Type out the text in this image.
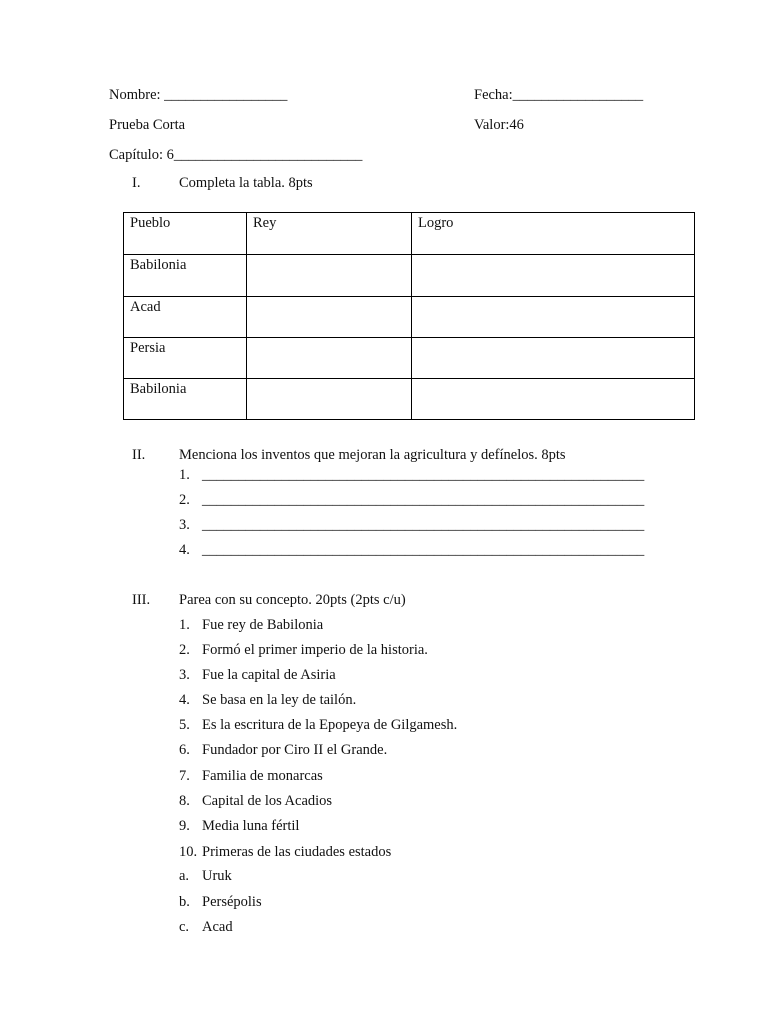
Nombre: _________________	Fecha:__________________
Prueba Corta	Valor:46
Capítulo: 6__________________________
I.	Completa la tabla. 8pts
Pueblo	Rey	Logro
Babilonia		
Acad		
Persia		
Babilonia		
II. Menciona los inventos que mejoran la agricultura y defínelos. 8pts
1. _____________________________________________________________
2. _____________________________________________________________
3. _____________________________________________________________
4. _____________________________________________________________
III. Parea con su concepto. 20pts (2pts c/u)
1. Fue rey de Babilonia
2. Formó el primer imperio de la historia.
3. Fue la capital de Asiria
4. Se basa en la ley de tailón.
5. Es la escritura de la Epopeya de Gilgamesh.
6. Fundador por Ciro II el Grande.
7. Familia de monarcas
8. Capital de los Acadios
9. Media luna fértil
10. Primeras de las ciudades estados
a. Uruk
b. Persépolis
c. Acad
